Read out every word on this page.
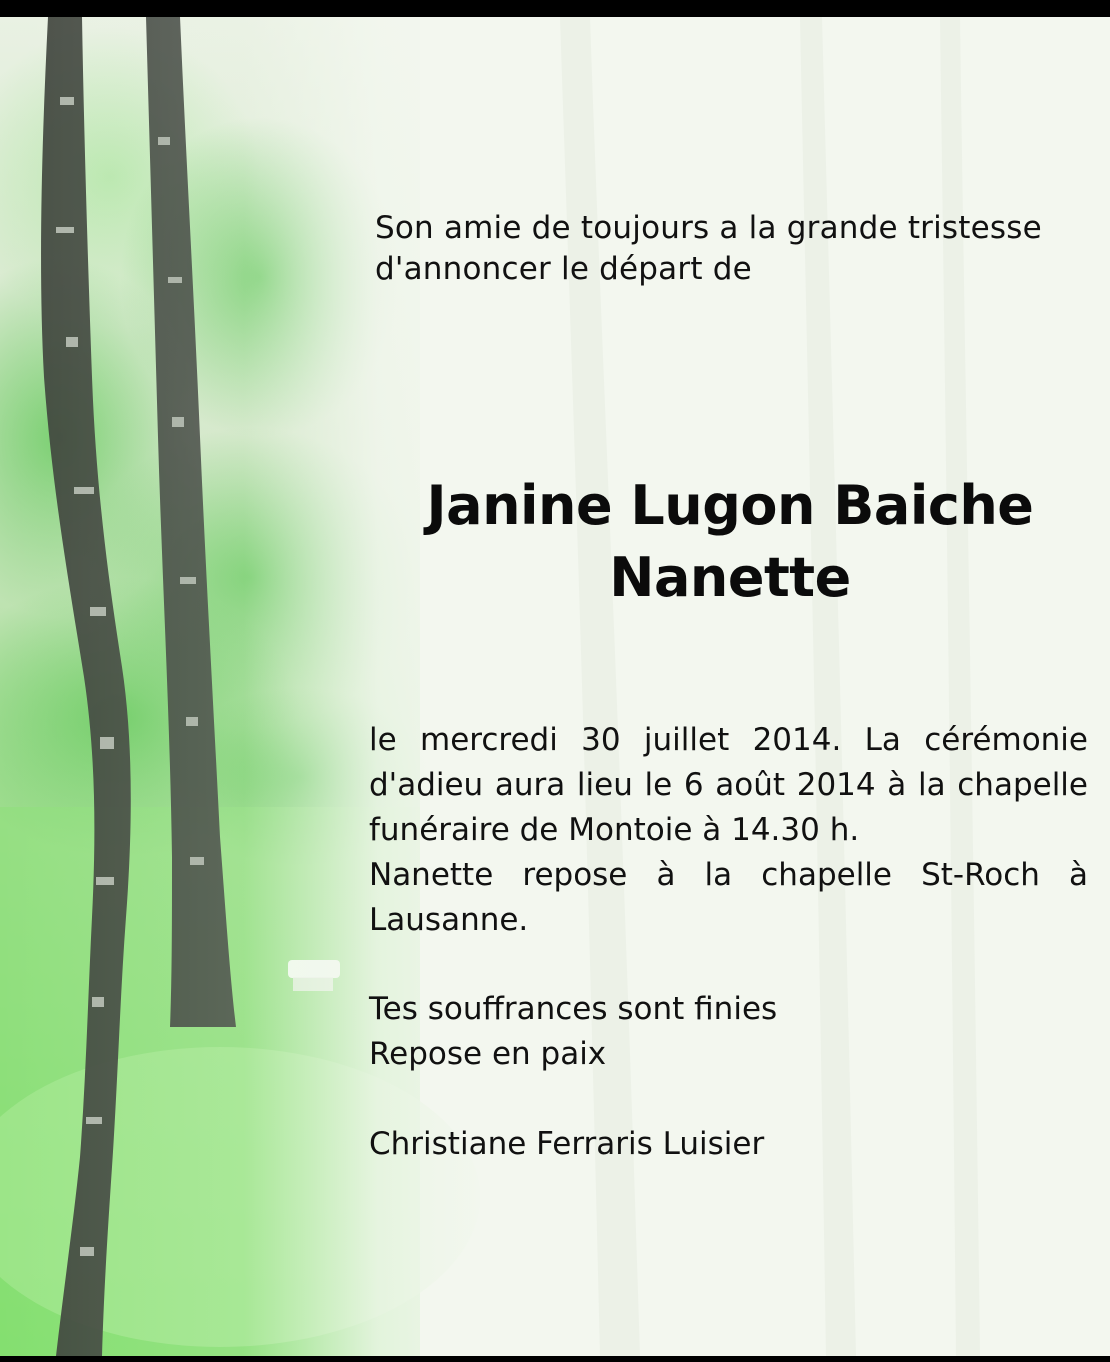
Son amie de toujours a la grande tristesse
d'annoncer le départ de
Janine Lugon Baiche
Nanette

le mercredi 30 juillet 2014. La cérémonie d'adieu aura lieu le 6 août 2014 à la chapelle funéraire de Montoie à 14.30 h.

Nanette repose à la chapelle St-Roch à Lausanne.

Tes souffrances sont finies
Repose en paix
Christiane Ferraris Luisier
